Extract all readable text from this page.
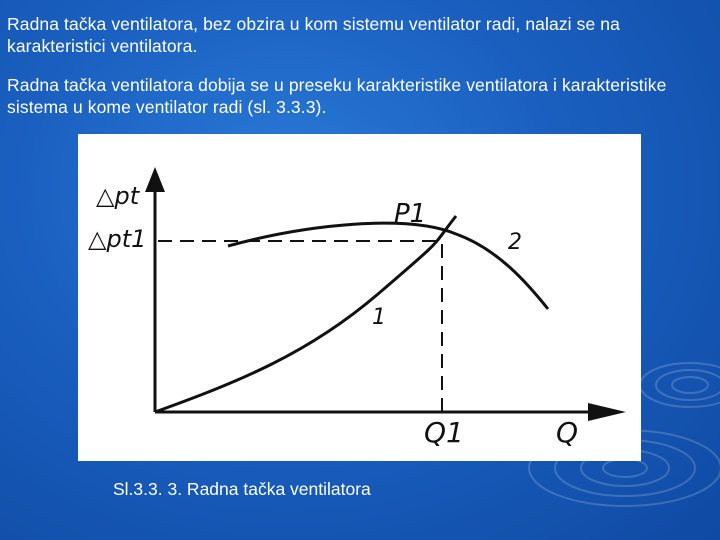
Radna tačka ventilatora, bez obzira u kom sistemu ventilator radi, nalazi se na karakteristici ventilatora.
Radna tačka ventilatora dobija se u preseku karakteristike ventilatora i karakteristike sistema u kome ventilator radi (sl. 3.3.3).
△pt
△pt1
P1
2
1
Q1	Q
Sl.3.3. 3. Radna tačka ventilatora
